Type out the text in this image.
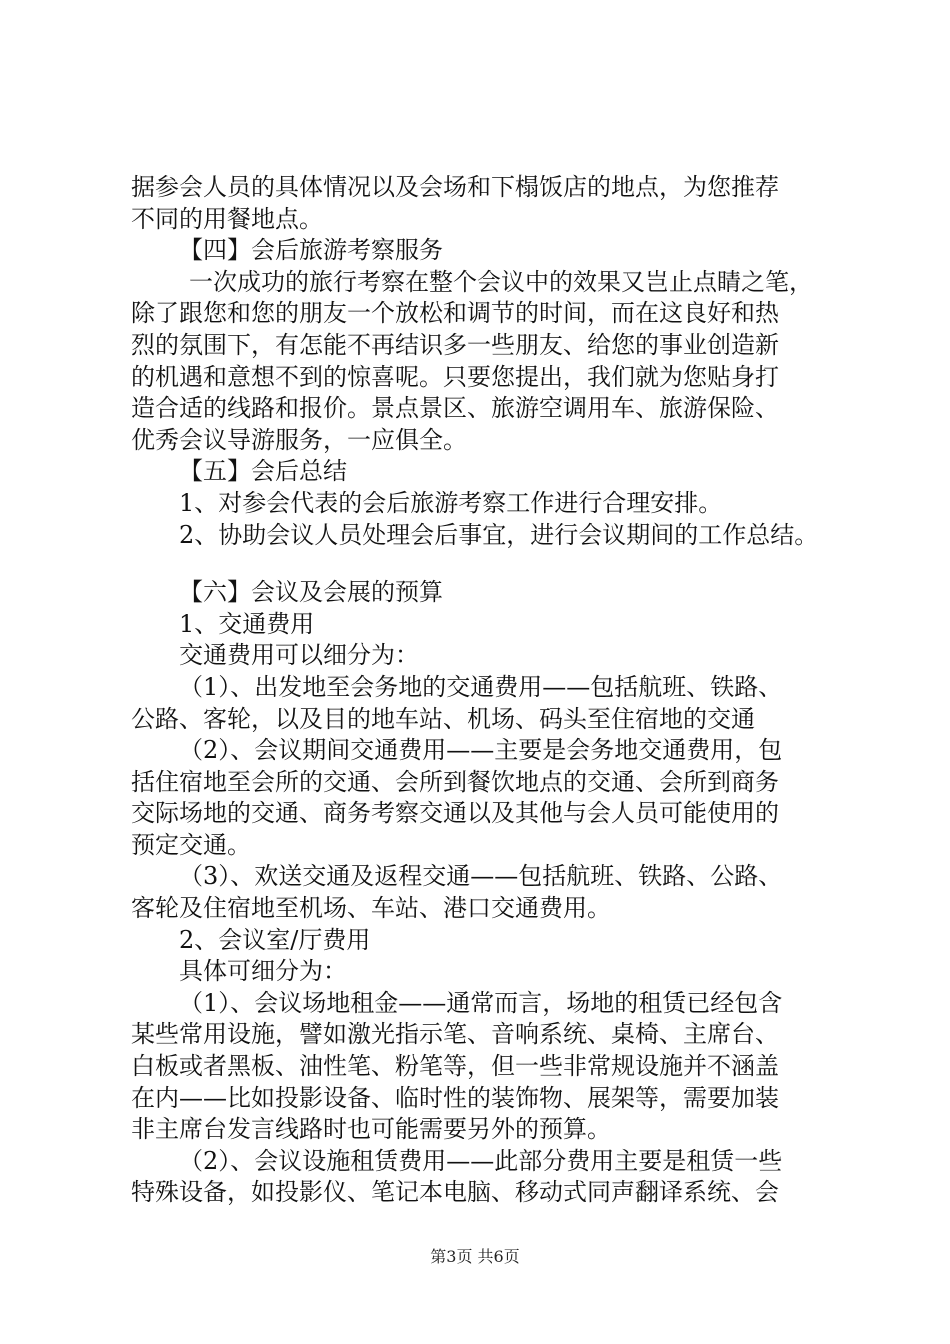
据参会人员的具体情况以及会场和下榻饭店的地点，为您推荐
不同的用餐地点。
【四】会后旅游考察服务
一次成功的旅行考察在整个会议中的效果又岂止点睛之笔，
除了跟您和您的朋友一个放松和调节的时间，而在这良好和热
烈的氛围下，有怎能不再结识多一些朋友、给您的事业创造新
的机遇和意想不到的惊喜呢。只要您提出，我们就为您贴身打
造合适的线路和报价。景点景区、旅游空调用车、旅游保险、
优秀会议导游服务，一应俱全。
【五】会后总结
1、对参会代表的会后旅游考察工作进行合理安排。
2、协助会议人员处理会后事宜，进行会议期间的工作总结。
【六】会议及会展的预算
1、交通费用
交通费用可以细分为：
（1）、出发地至会务地的交通费用——包括航班、铁路、
公路、客轮，以及目的地车站、机场、码头至住宿地的交通
（2）、会议期间交通费用——主要是会务地交通费用，包
括住宿地至会所的交通、会所到餐饮地点的交通、会所到商务
交际场地的交通、商务考察交通以及其他与会人员可能使用的
预定交通。
（3）、欢送交通及返程交通——包括航班、铁路、公路、
客轮及住宿地至机场、车站、港口交通费用。
2、会议室/厅费用
具体可细分为：
（1）、会议场地租金——通常而言，场地的租赁已经包含
某些常用设施，譬如激光指示笔、音响系统、桌椅、主席台、
白板或者黑板、油性笔、粉笔等，但一些非常规设施并不涵盖
在内——比如投影设备、临时性的装饰物、展架等，需要加装
非主席台发言线路时也可能需要另外的预算。
（2）、会议设施租赁费用——此部分费用主要是租赁一些
特殊设备，如投影仪、笔记本电脑、移动式同声翻译系统、会
第3页 共6页
